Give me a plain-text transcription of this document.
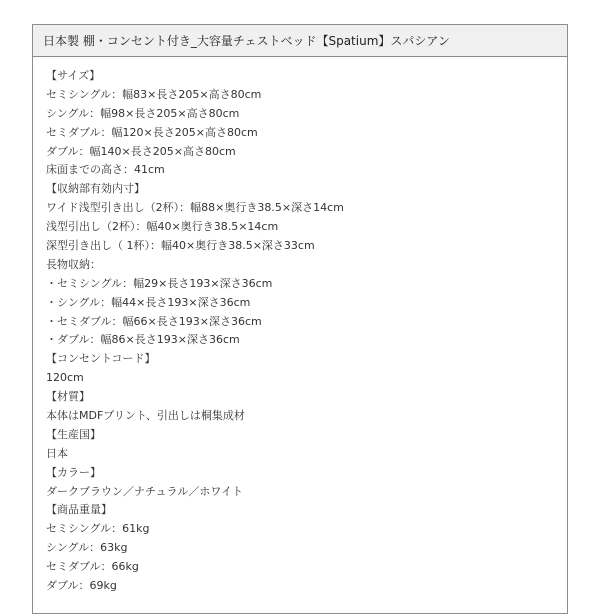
日本製 棚・コンセント付き_大容量チェストベッド【Spatium】スパシアン
【サイズ】
セミシングル：幅83×長さ205×高さ80cm
シングル：幅98×長さ205×高さ80cm
セミダブル：幅120×長さ205×高さ80cm
ダブル：幅140×長さ205×高さ80cm
床面までの高さ：41cm
【収納部有効内寸】
ワイド浅型引き出し（2杯）：幅88×奥行き38.5×深さ14cm
浅型引出し（2杯）：幅40×奥行き38.5×14cm
深型引き出し（ 1杯）：幅40×奥行き38.5×深さ33cm
長物収納：
・セミシングル：幅29×長さ193×深さ36cm
・シングル：幅44×長さ193×深さ36cm
・セミダブル：幅66×長さ193×深さ36cm
・ダブル：幅86×長さ193×深さ36cm
【コンセントコード】
120cm
【材質】
本体はMDFプリント、引出しは桐集成材
【生産国】
日本
【カラー】
ダークブラウン／ナチュラル／ホワイト
【商品重量】
セミシングル：61kg
シングル：63kg
セミダブル：66kg
ダブル：69kg
